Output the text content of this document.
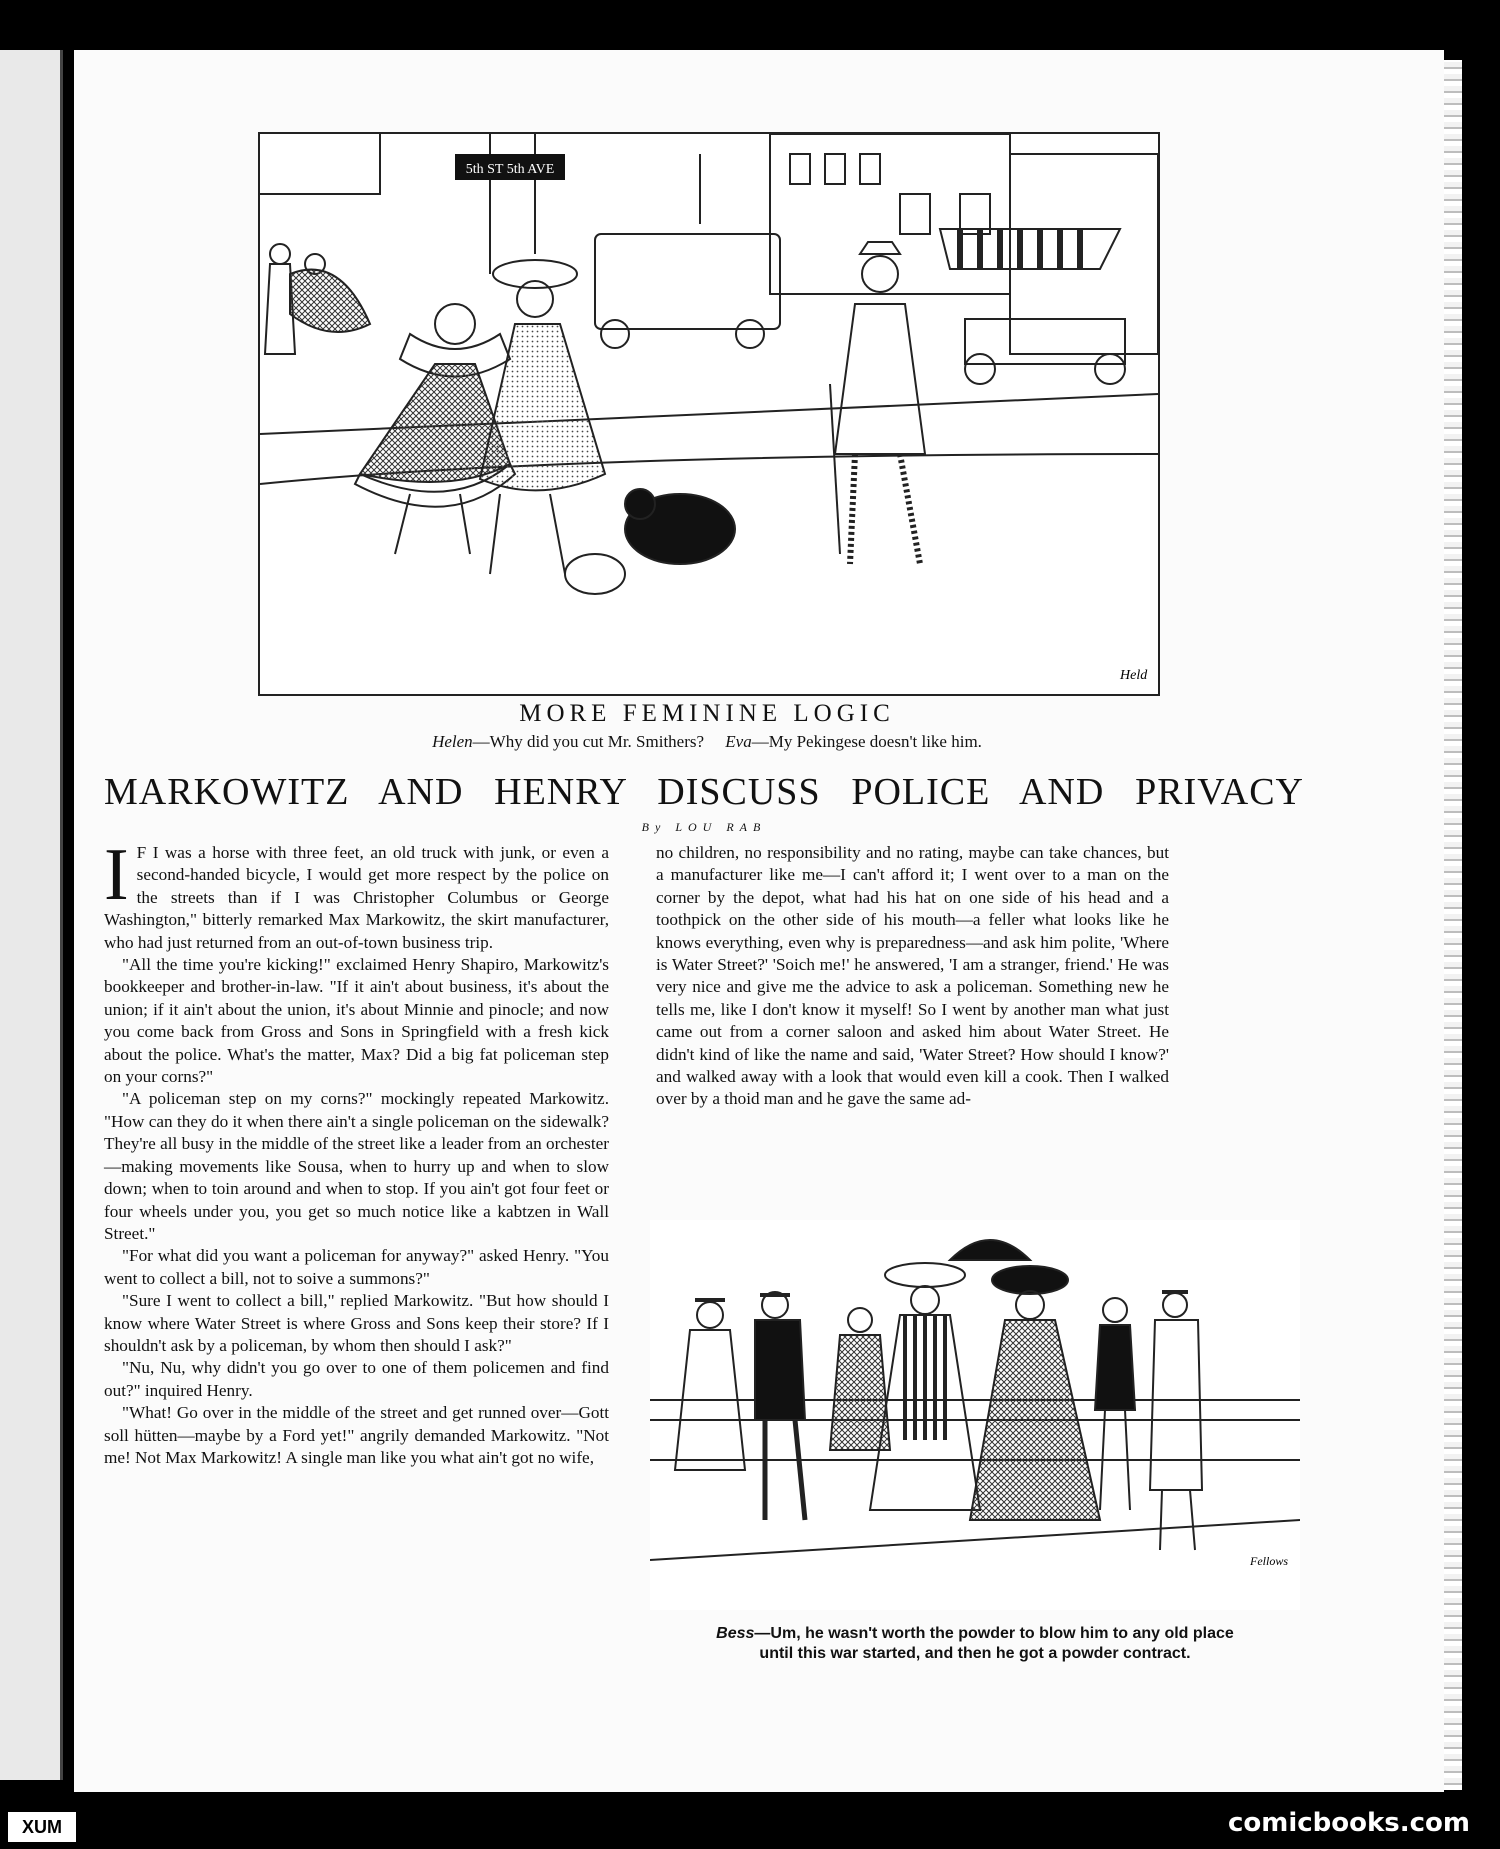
5th ST 5th AVE
Held
MORE FEMININE LOGIC
Helen—Why did you cut Mr. Smithers? Eva—My Pekingese doesn't like him.
MARKOWITZ AND HENRY DISCUSS POLICE AND PRIVACY
By LOU RAB

I F I was a horse with three feet, an old truck with junk, or even a second-handed bicycle, I would get more respect by the police on the streets than if I was Christopher Columbus or George Washington," bitterly remarked Max Markowitz, the skirt manufacturer, who had just returned from an out-of-town business trip.

"All the time you're kicking!" exclaimed Henry Shapiro, Markowitz's bookkeeper and brother-in-law. "If it ain't about business, it's about the union; if it ain't about the union, it's about Minnie and pinocle; and now you come back from Gross and Sons in Springfield with a fresh kick about the police. What's the matter, Max? Did a big fat policeman step on your corns?"

"A policeman step on my corns?" mockingly repeated Markowitz. "How can they do it when there ain't a single policeman on the sidewalk? They're all busy in the middle of the street like a leader from an orchester—making movements like Sousa, when to hurry up and when to slow down; when to toin around and when to stop. If you ain't got four feet or four wheels under you, you get so much notice like a kabtzen in Wall Street."

"For what did you want a policeman for anyway?" asked Henry. "You went to collect a bill, not to soive a summons?"

"Sure I went to collect a bill," replied Markowitz. "But how should I know where Water Street is where Gross and Sons keep their store? If I shouldn't ask by a policeman, by whom then should I ask?"

"Nu, Nu, why didn't you go over to one of them policemen and find out?" inquired Henry.

"What! Go over in the middle of the street and get runned over—Gott soll hütten—maybe by a Ford yet!" angrily demanded Markowitz. "Not me! Not Max Markowitz! A single man like you what ain't got no wife,

no children, no responsibility and no rating, maybe can take chances, but a manufacturer like me—I can't afford it; I went over to a man on the corner by the depot, what had his hat on one side of his head and a toothpick on the other side of his mouth—a feller what looks like he knows everything, even why is preparedness—and ask him polite, 'Where is Water Street?' 'Soich me!' he answered, 'I am a stranger, friend.' He was very nice and give me the advice to ask a policeman. Something new he tells me, like I don't know it myself! So I went by another man what just came out from a corner saloon and asked him about Water Street. He didn't kind of like the name and said, 'Water Street? How should I know?' and walked away with a look that would even kill a cook. Then I walked over by a thoid man and he gave the same ad-

Fellows
Bess—Um, he wasn't worth the powder to blow him to any old place
until this war started, and then he got a powder contract.
XUM	comicbooks.com
